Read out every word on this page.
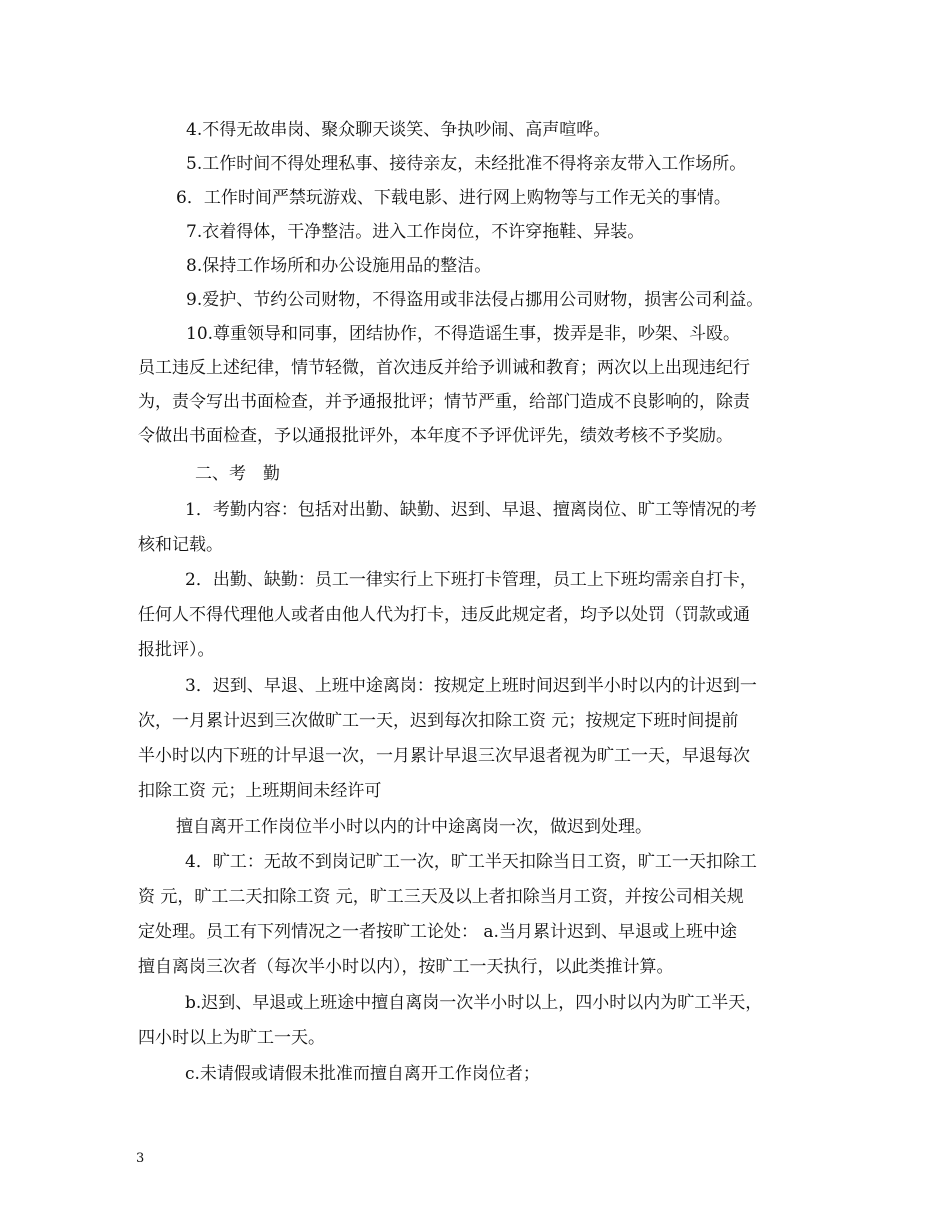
4.不得无故串岗、聚众聊天谈笑、争执吵闹、高声喧哗。
5.工作时间不得处理私事、接待亲友，未经批准不得将亲友带入工作场所。
6．工作时间严禁玩游戏、下载电影、进行网上购物等与工作无关的事情。
7.衣着得体，干净整洁。进入工作岗位，不许穿拖鞋、异装。
8.保持工作场所和办公设施用品的整洁。
9.爱护、节约公司财物，不得盗用或非法侵占挪用公司财物，损害公司利益。
10.尊重领导和同事，团结协作，不得造谣生事，拨弄是非，吵架、斗殴。
员工违反上述纪律，情节轻微，首次违反并给予训诫和教育；两次以上出现违纪行
为，责令写出书面检查，并予通报批评；情节严重，给部门造成不良影响的，除责
令做出书面检查，予以通报批评外，本年度不予评优评先，绩效考核不予奖励。
二、考　勤
1．考勤内容：包括对出勤、缺勤、迟到、早退、擅离岗位、旷工等情况的考
核和记载。
2．出勤、缺勤：员工一律实行上下班打卡管理，员工上下班均需亲自打卡，
任何人不得代理他人或者由他人代为打卡，违反此规定者，均予以处罚（罚款或通
报批评）。
3．迟到、早退、上班中途离岗：按规定上班时间迟到半小时以内的计迟到一
次，一月累计迟到三次做旷工一天，迟到每次扣除工资 元；按规定下班时间提前
半小时以内下班的计早退一次，一月累计早退三次早退者视为旷工一天，早退每次
扣除工资 元；上班期间未经许可
擅自离开工作岗位半小时以内的计中途离岗一次，做迟到处理。
4．旷工：无故不到岗记旷工一次，旷工半天扣除当日工资，旷工一天扣除工
资 元，旷工二天扣除工资 元，旷工三天及以上者扣除当月工资，并按公司相关规
定处理。员工有下列情况之一者按旷工论处： a.当月累计迟到、早退或上班中途
擅自离岗三次者（每次半小时以内），按旷工一天执行，以此类推计算。
b.迟到、早退或上班途中擅自离岗一次半小时以上，四小时以内为旷工半天，
四小时以上为旷工一天。
c.未请假或请假未批准而擅自离开工作岗位者；
3
